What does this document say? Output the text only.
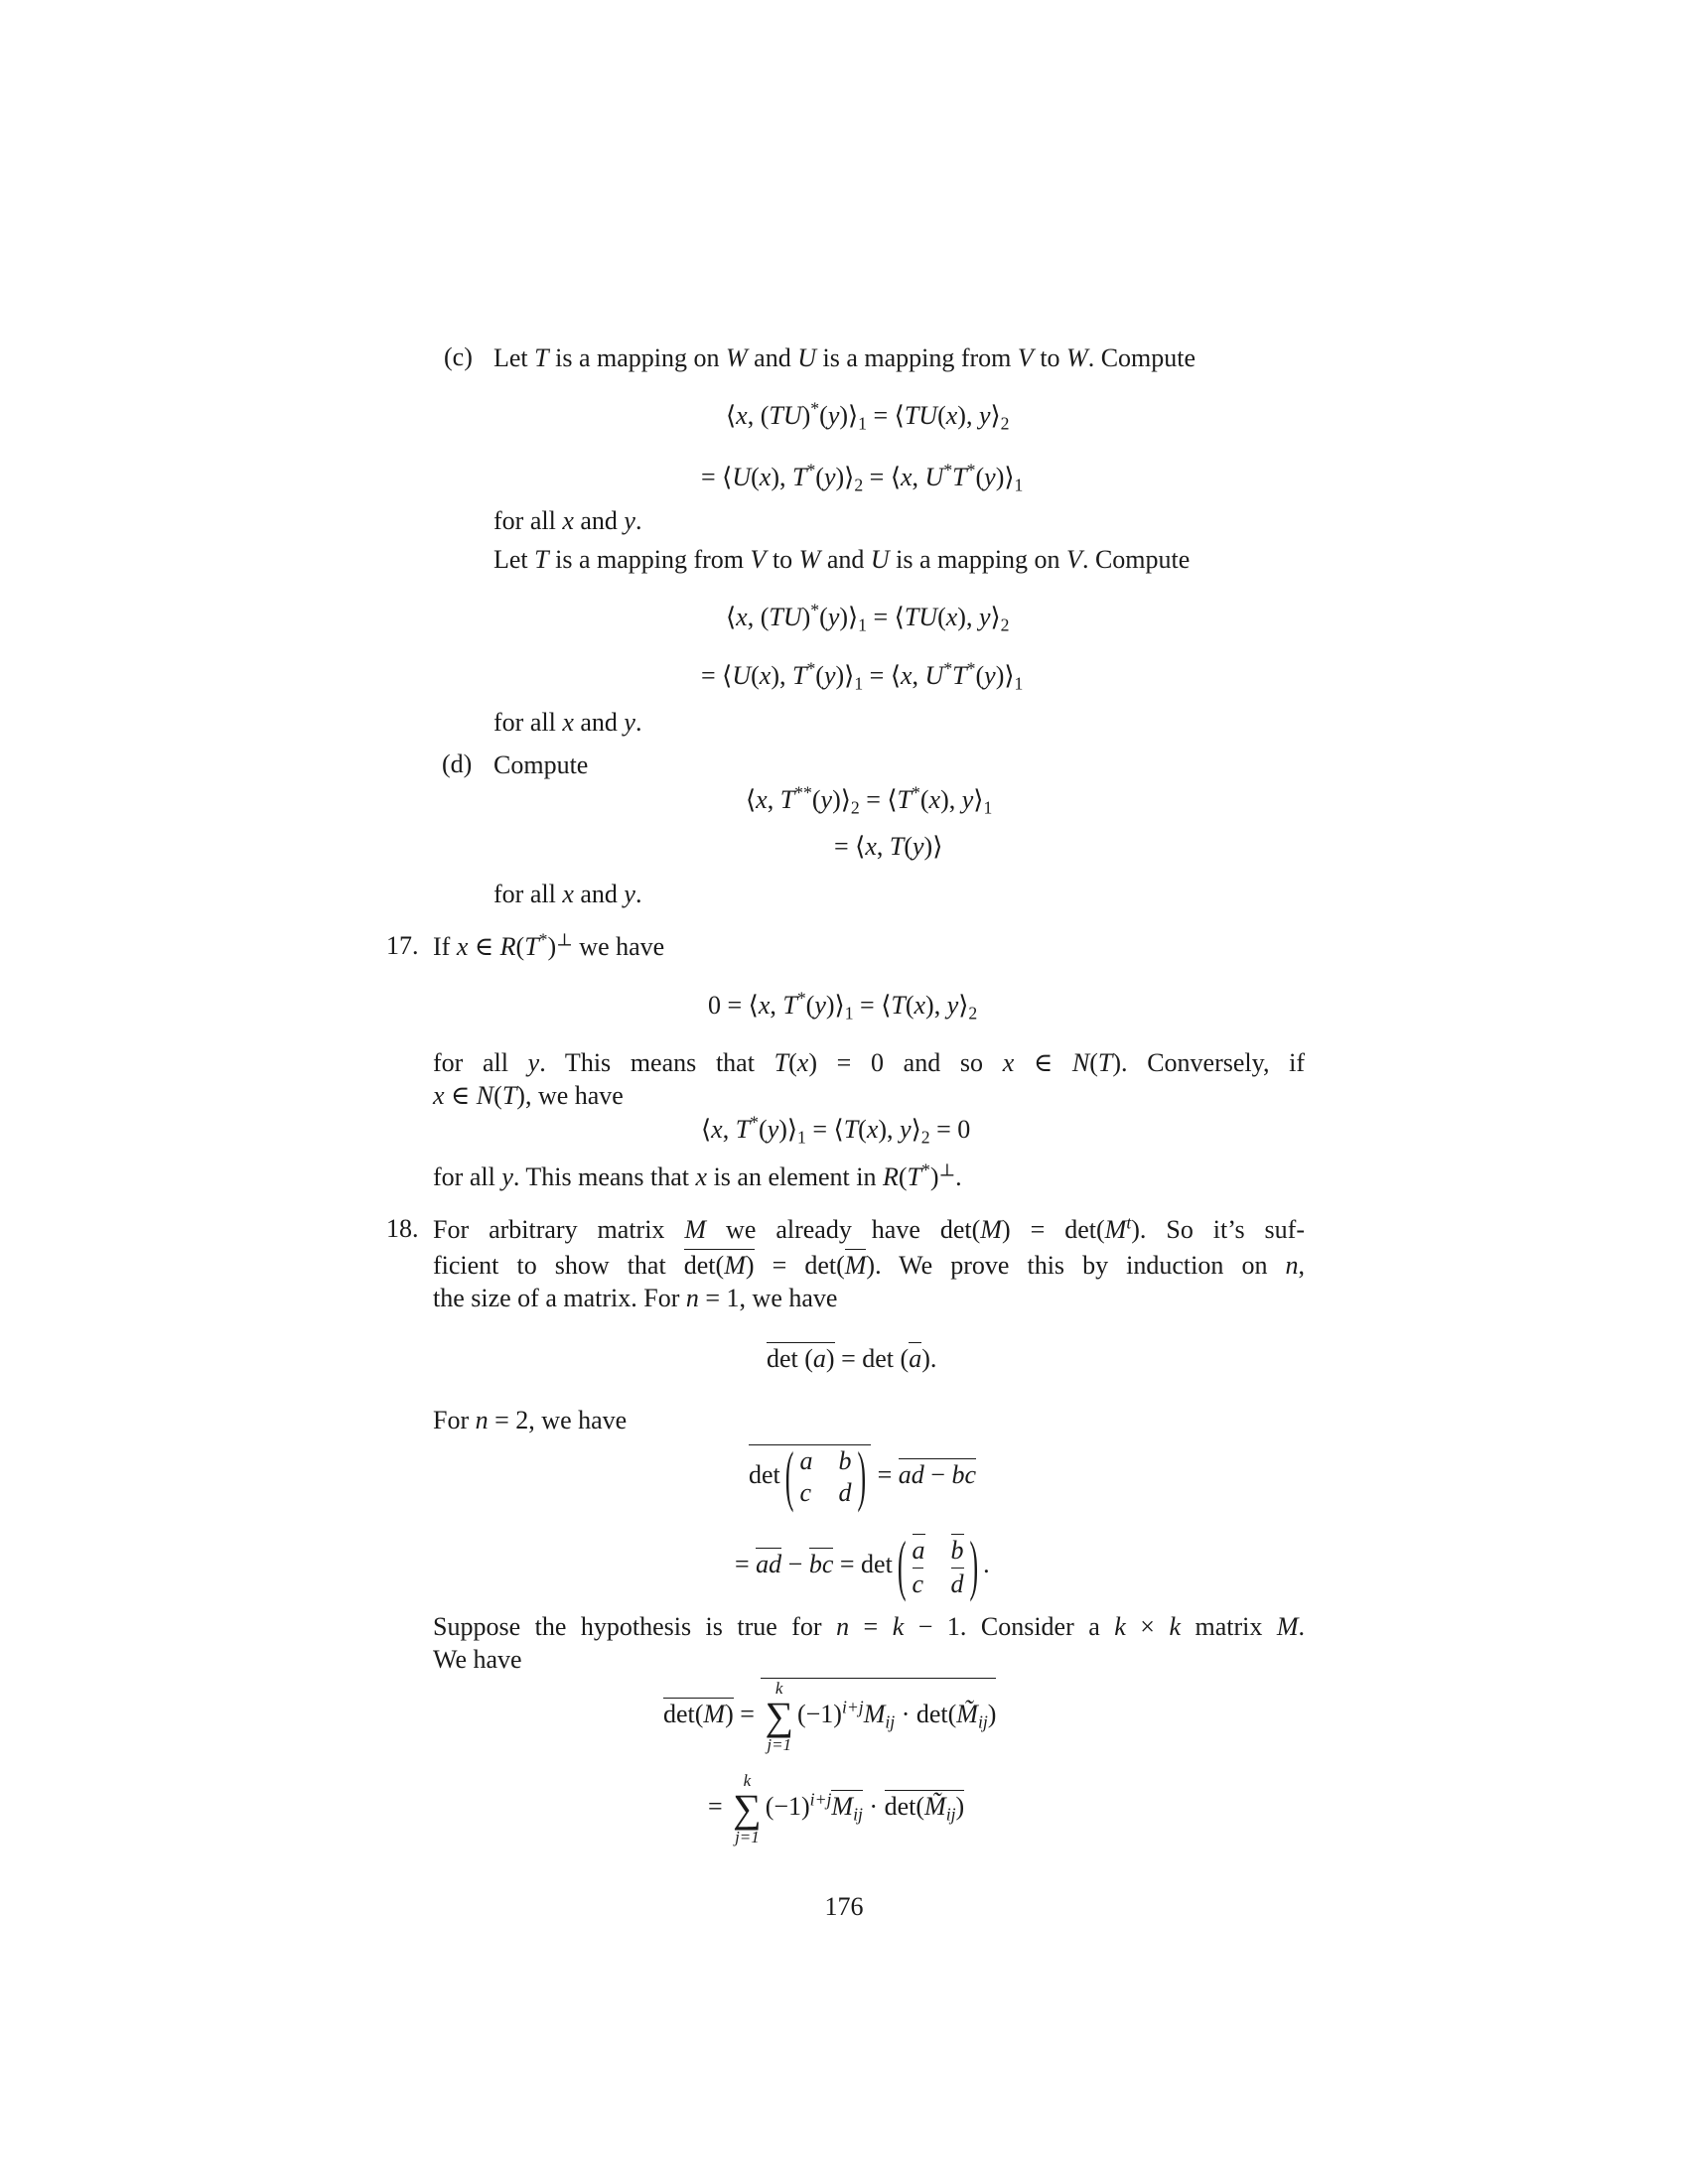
(c) Let T is a mapping on W and U is a mapping from V to W. Compute
⟨x, $(TU)^*(y)⟩_1$ = ⟨TU(x), $y⟩_2$
= ⟨U(x), $T^*(y)⟩_2$ = ⟨x, $U^*T^*(y)⟩_1$
for all x and y.
Let T is a mapping from V to W and U is a mapping on V. Compute
⟨x, $(TU)^*(y)⟩_1$ = ⟨TU(x), $y⟩_2$
= ⟨U(x), $T^*(y)⟩_1$ = ⟨x, $U^*T^*(y)⟩_1$
for all x and y.
(d) Compute
⟨x, $T^{**}(y)⟩_2$ = ⟨T*(x), $y⟩_1$
= ⟨x, T(y)⟩
for all x and y.
17. If x ∈ R(T*)⊥ we have
0 = ⟨x, $T^*(y)⟩_1$ = ⟨T(x), $y⟩_2$
for all y. This means that T(x) = 0 and so x ∈ N(T). Conversely, if
x ∈ N(T), we have
⟨x, $T^*(y)⟩_1$ = ⟨T(x), $y⟩_2 = 0$
for all y. This means that x is an element in R(T*)⊥.
18. For arbitrary matrix M we already have $\det(M) = \det(M^t)$. So it’s suf-
ficient to show that det(M) = det(M). We prove this by induction on n,
the size of a matrix. For n = 1, we have
det (a) = det (a).
For n = 2, we have
det ( a b
c d ) = ad − bc
= ad − bc = det ( a b
c d ) .
Suppose the hypothesis is true for n = k − 1. Consider a k × k matrix M.
We have
det(M) =
k
∑
j=1
$(-1)^{i+j}M_{ij}$ · $\det(M̃_{ij})$
=
k
∑
j=1
$(-1)^{i+j}M_{ij}$ · $\det(M̃_{ij})$
176
